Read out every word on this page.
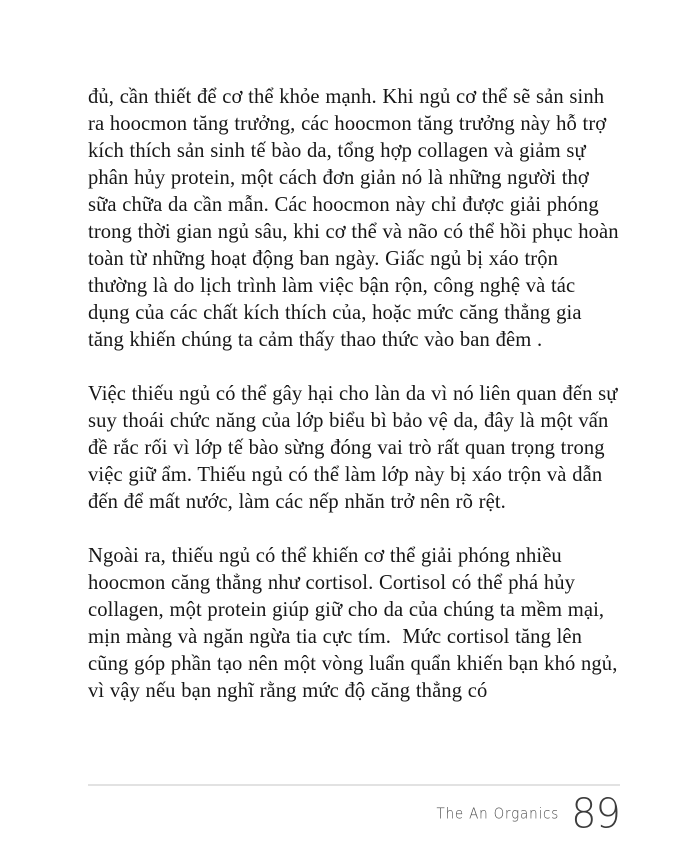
đủ, cần thiết để cơ thể khỏe mạnh. Khi ngủ cơ thể sẽ sản sinh ra hoocmon tăng trưởng, các hoocmon tăng trưởng này hỗ trợ kích thích sản sinh tế bào da, tổng hợp collagen và giảm sự phân hủy protein, một cách đơn giản nó là những người thợ sữa chữa da cần mẫn. Các hoocmon này chỉ được giải phóng trong thời gian ngủ sâu, khi cơ thể và não có thể hồi phục hoàn toàn từ những hoạt động ban ngày. Giấc ngủ bị xáo trộn thường là do lịch trình làm việc bận rộn, công nghệ và tác dụng của các chất kích thích của, hoặc mức căng thẳng gia tăng khiến chúng ta cảm thấy thao thức vào ban đêm .

Việc thiếu ngủ có thể gây hại cho làn da vì nó liên quan đến sự suy thoái chức năng của lớp biểu bì bảo vệ da, đây là một vấn đề rắc rối vì lớp tế bào sừng đóng vai trò rất quan trọng trong việc giữ ẩm. Thiếu ngủ có thể làm lớp này bị xáo trộn và dẫn đến để mất nước, làm các nếp nhăn trở nên rõ rệt.

Ngoài ra, thiếu ngủ có thể khiến cơ thể giải phóng nhiều hoocmon căng thẳng như cortisol. Cortisol có thể phá hủy collagen, một protein giúp giữ cho da của chúng ta mềm mại, mịn màng và ngăn ngừa tia cực tím.  Mức cortisol tăng lên cũng góp phần tạo nên một vòng luẩn quẩn khiến bạn khó ngủ, vì vậy nếu bạn nghĩ rằng mức độ căng thẳng có

The An Organics 89
